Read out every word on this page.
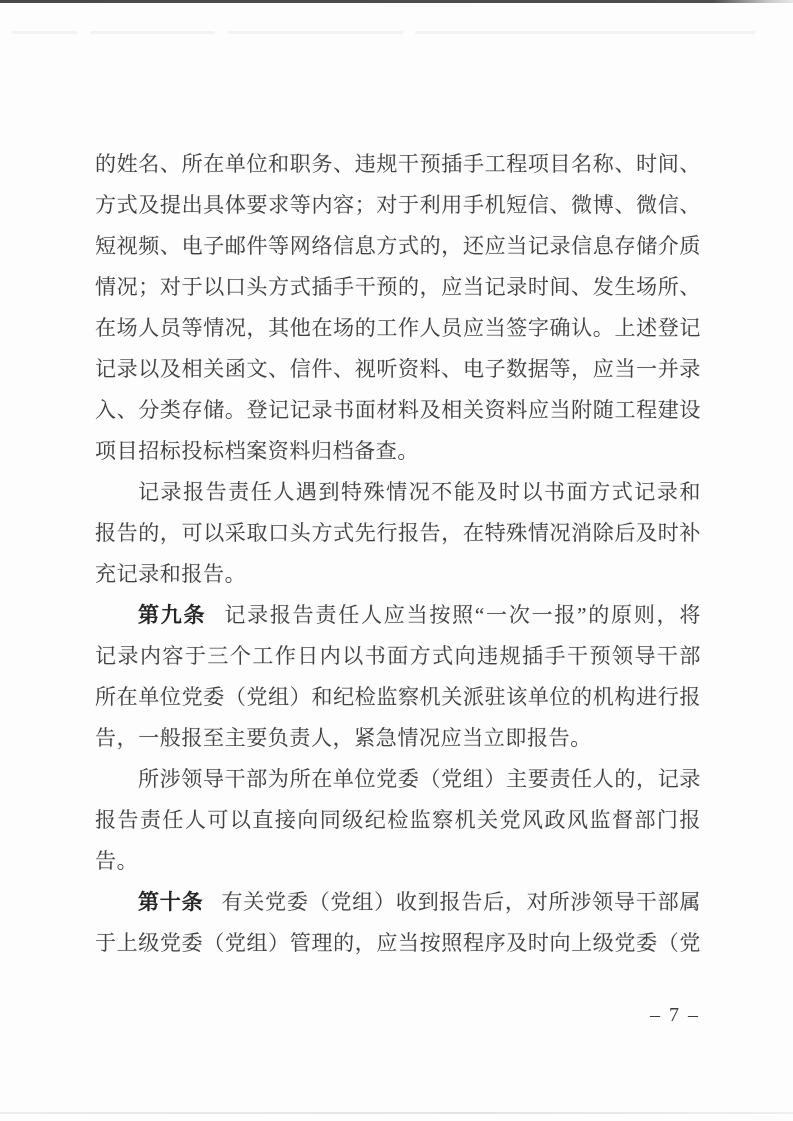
的姓名、所在单位和职务、违规干预插手工程项目名称、时间、
方式及提出具体要求等内容；对于利用手机短信、微博、微信、
短视频、电子邮件等网络信息方式的，还应当记录信息存储介质
情况；对于以口头方式插手干预的，应当记录时间、发生场所、
在场人员等情况，其他在场的工作人员应当签字确认。上述登记
记录以及相关函文、信件、视听资料、电子数据等，应当一并录
入、分类存储。登记记录书面材料及相关资料应当附随工程建设
项目招标投标档案资料归档备查。
记录报告责任人遇到特殊情况不能及时以书面方式记录和
报告的，可以采取口头方式先行报告，在特殊情况消除后及时补
充记录和报告。
第九条 记录报告责任人应当按照“一次一报”的原则，将
记录内容于三个工作日内以书面方式向违规插手干预领导干部
所在单位党委（党组）和纪检监察机关派驻该单位的机构进行报
告，一般报至主要负责人，紧急情况应当立即报告。
所涉领导干部为所在单位党委（党组）主要责任人的，记录
报告责任人可以直接向同级纪检监察机关党风政风监督部门报
告。
第十条 有关党委（党组）收到报告后，对所涉领导干部属
于上级党委（党组）管理的，应当按照程序及时向上级党委（党
– 7 –
